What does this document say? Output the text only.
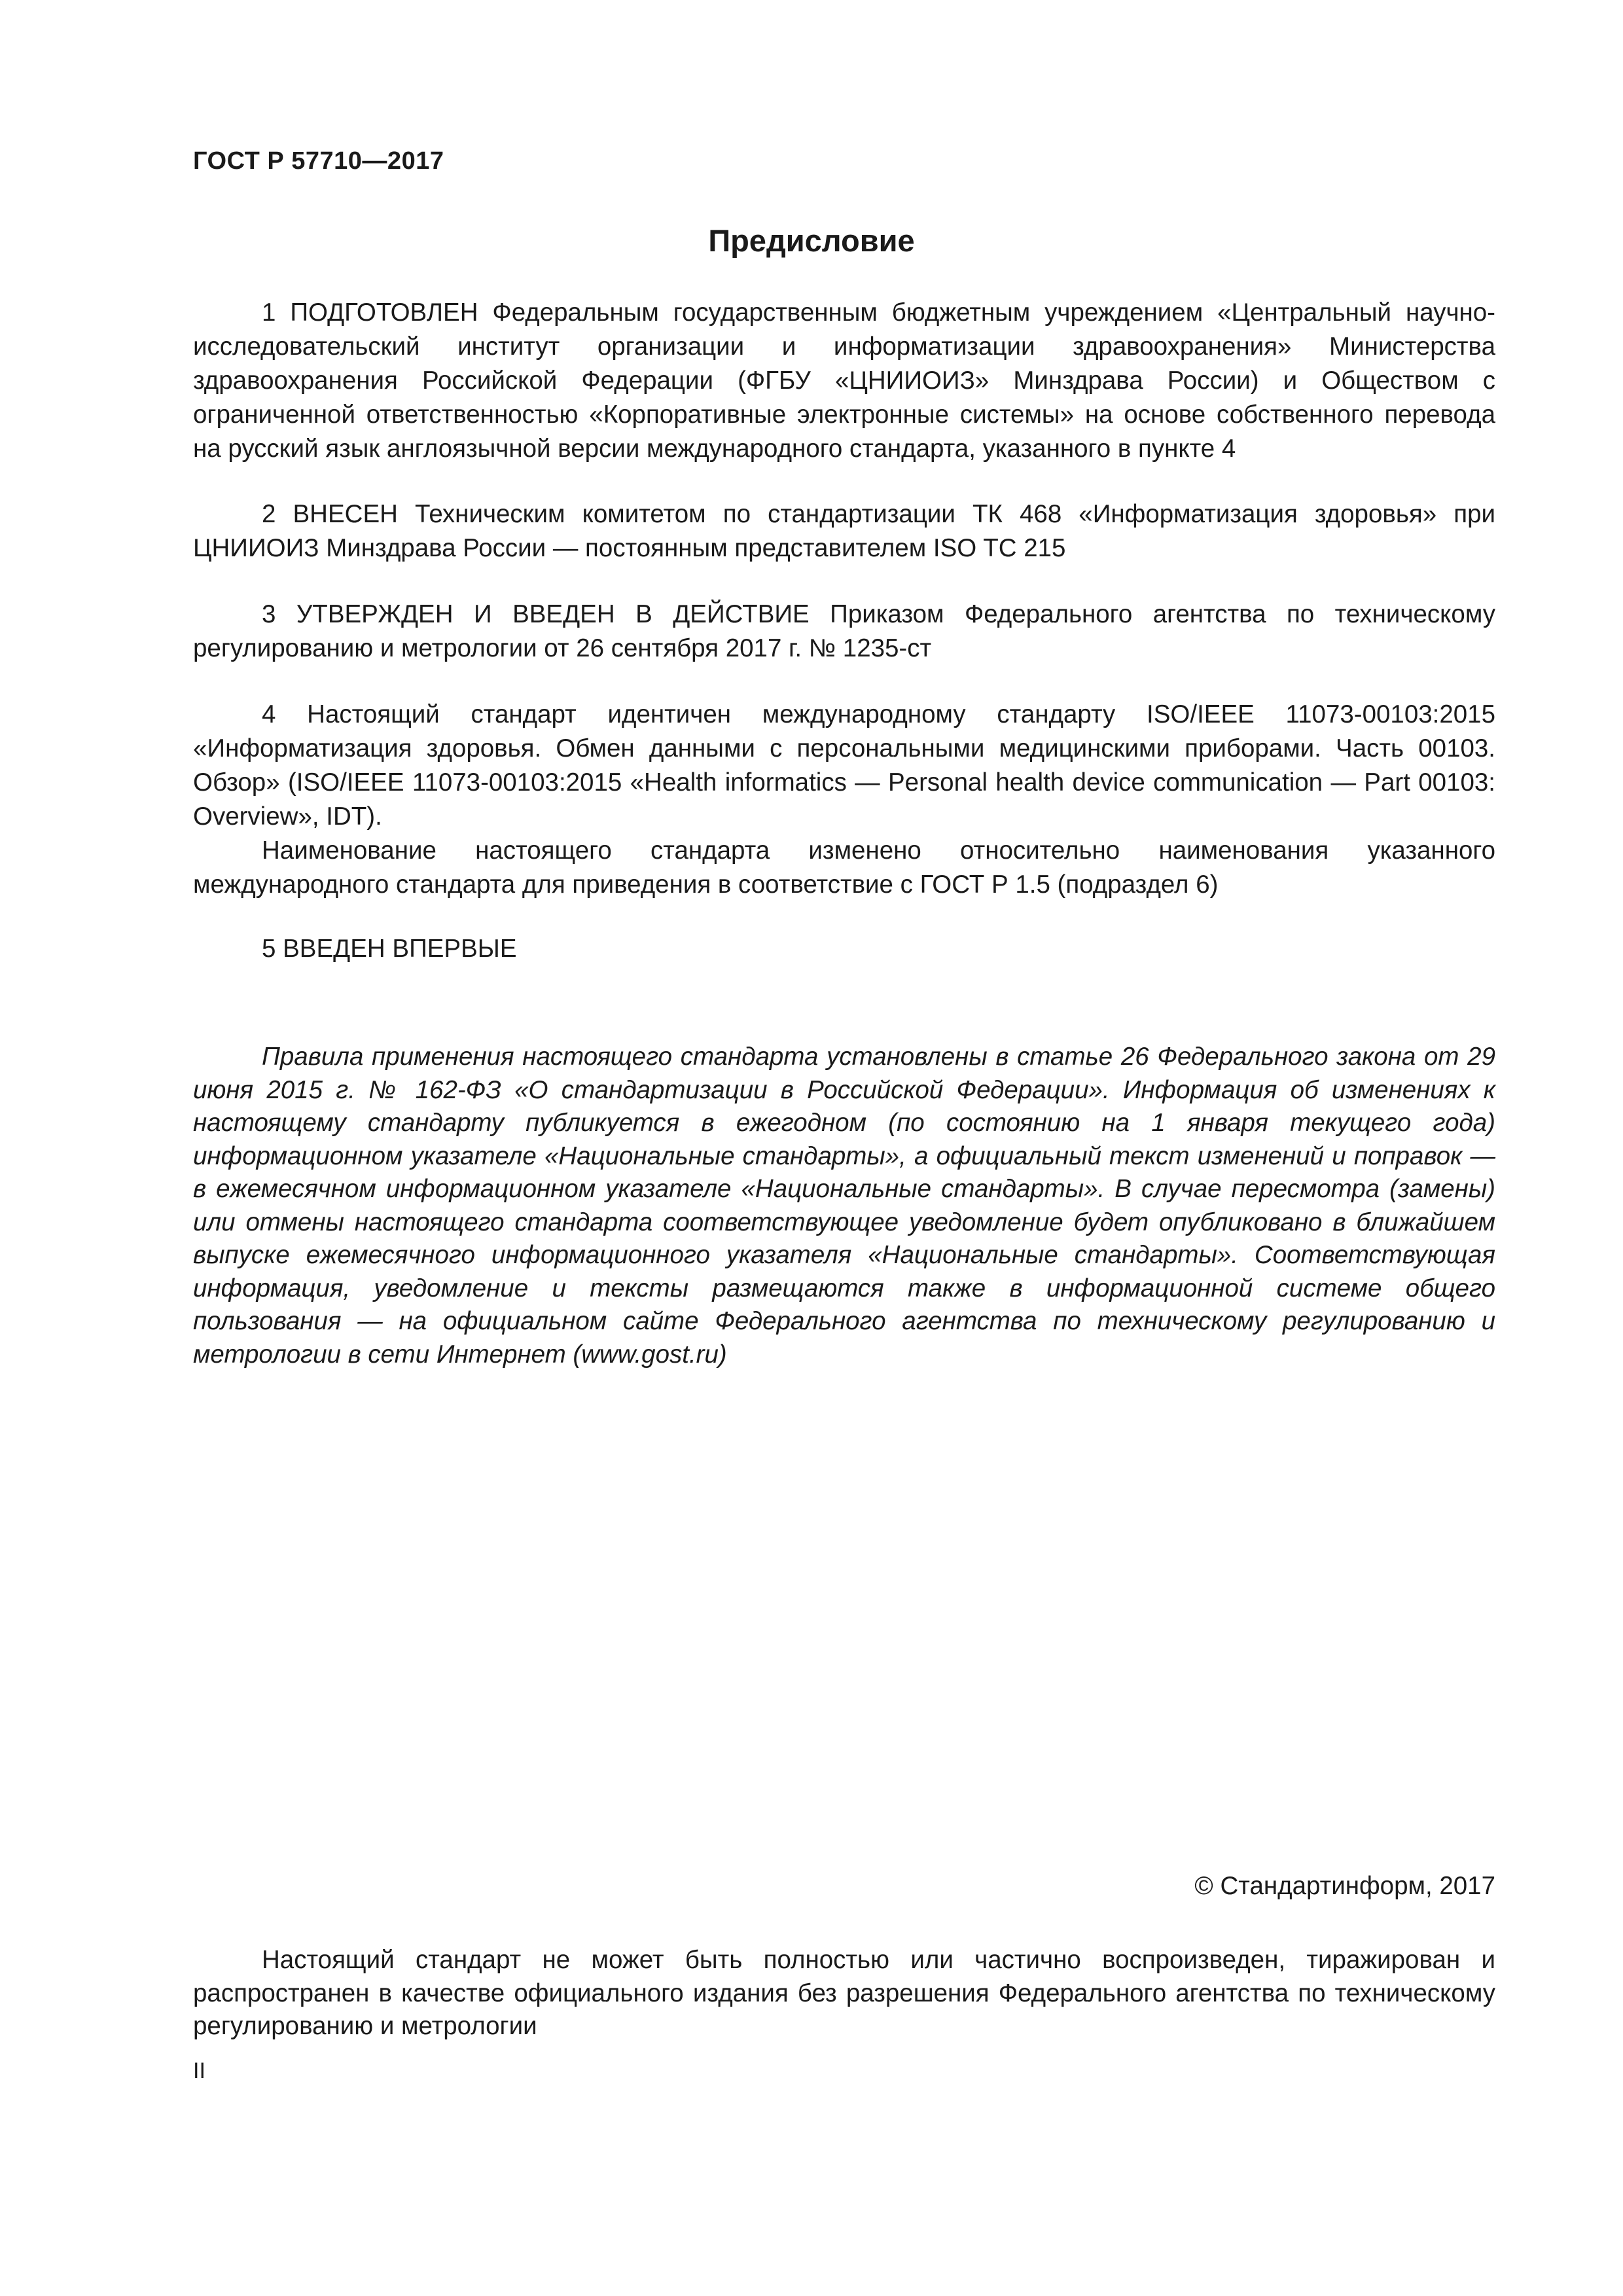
ГОСТ Р 57710—2017
Предисловие

1 ПОДГОТОВЛЕН Федеральным государственным бюджетным учреждением «Центральный научно-исследовательский институт организации и информатизации здравоохранения» Министерства здравоохранения Российской Федерации (ФГБУ «ЦНИИОИЗ» Минздрава России) и Обществом с ограниченной ответственностью «Корпоративные электронные системы» на основе собственного перевода на русский язык англоязычной версии международного стандарта, указанного в пункте 4

2 ВНЕСЕН Техническим комитетом по стандартизации ТК 468 «Информатизация здоровья» при ЦНИИОИЗ Минздрава России — постоянным представителем ISO TC 215

3 УТВЕРЖДЕН И ВВЕДЕН В ДЕЙСТВИЕ Приказом Федерального агентства по техническому регулированию и метрологии от 26 сентября 2017 г. № 1235-ст

4 Настоящий стандарт идентичен международному стандарту ISO/IEEE 11073-00103:2015 «Информатизация здоровья. Обмен данными с персональными медицинскими приборами. Часть 00103. Обзор» (ISO/IEEE 11073-00103:2015 «Health informatics — Personal health device communication — Part 00103: Overview», IDT).

Наименование настоящего стандарта изменено относительно наименования указанного международного стандарта для приведения в соответствие с ГОСТ Р 1.5 (подраздел 6)

5 ВВЕДЕН ВПЕРВЫЕ

Правила применения настоящего стандарта установлены в статье 26 Федерального закона от 29 июня 2015 г. № 162-ФЗ «О стандартизации в Российской Федерации». Информация об изменениях к настоящему стандарту публикуется в ежегодном (по состоянию на 1 января текущего года) информационном указателе «Национальные стандарты», а официальный текст изменений и поправок — в ежемесячном информационном указателе «Национальные стандарты». В случае пересмотра (замены) или отмены настоящего стандарта соответствующее уведомление будет опубликовано в ближайшем выпуске ежемесячного информационного указателя «Национальные стандарты». Соответствующая информация, уведомление и тексты размещаются также в информационной системе общего пользования — на официальном сайте Федерального агентства по техническому регулированию и метрологии в сети Интернет (www.gost.ru)

© Стандартинформ, 2017

Настоящий стандарт не может быть полностью или частично воспроизведен, тиражирован и распространен в качестве официального издания без разрешения Федерального агентства по техническому регулированию и метрологии

II
